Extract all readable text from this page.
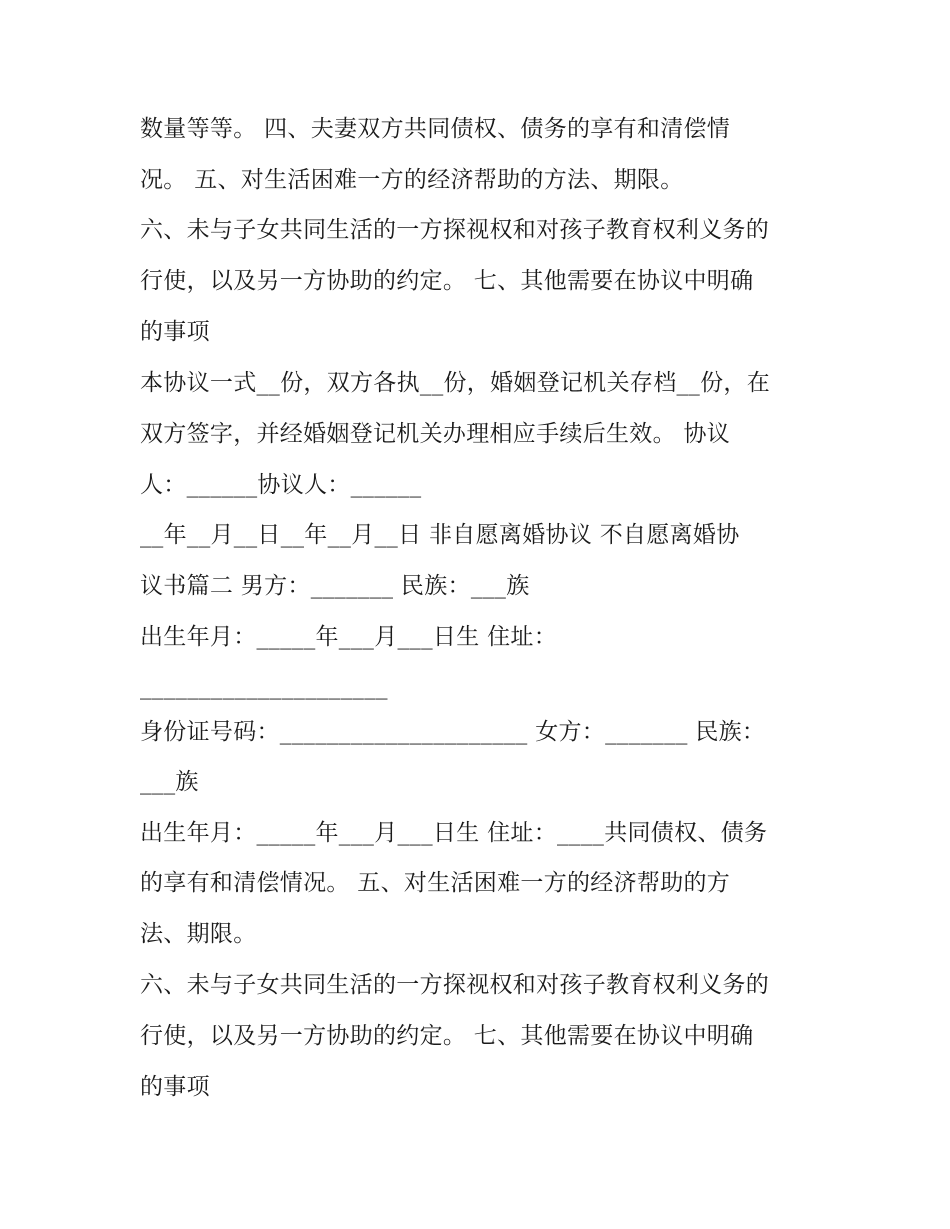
数量等等。 四、夫妻双方共同债权、债务的享有和清偿情
况。 五、对生活困难一方的经济帮助的方法、期限。
六、未与子女共同生活的一方探视权和对孩子教育权利义务的
行使，以及另一方协助的约定。 七、其他需要在协议中明确
的事项
本协议一式__份，双方各执__份，婚姻登记机关存档__份，在
双方签字，并经婚姻登记机关办理相应手续后生效。 协议
人：______协议人：______
__年__月__日__年__月__日 非自愿离婚协议 不自愿离婚协
议书篇二 男方：_______ 民族：___族
出生年月：_____年___月___日生 住址：
_____________________
身份证号码：_____________________ 女方：_______ 民族：
___族
出生年月：_____年___月___日生 住址：____共同债权、债务
的享有和清偿情况。 五、对生活困难一方的经济帮助的方
法、期限。
六、未与子女共同生活的一方探视权和对孩子教育权利义务的
行使，以及另一方协助的约定。 七、其他需要在协议中明确
的事项
